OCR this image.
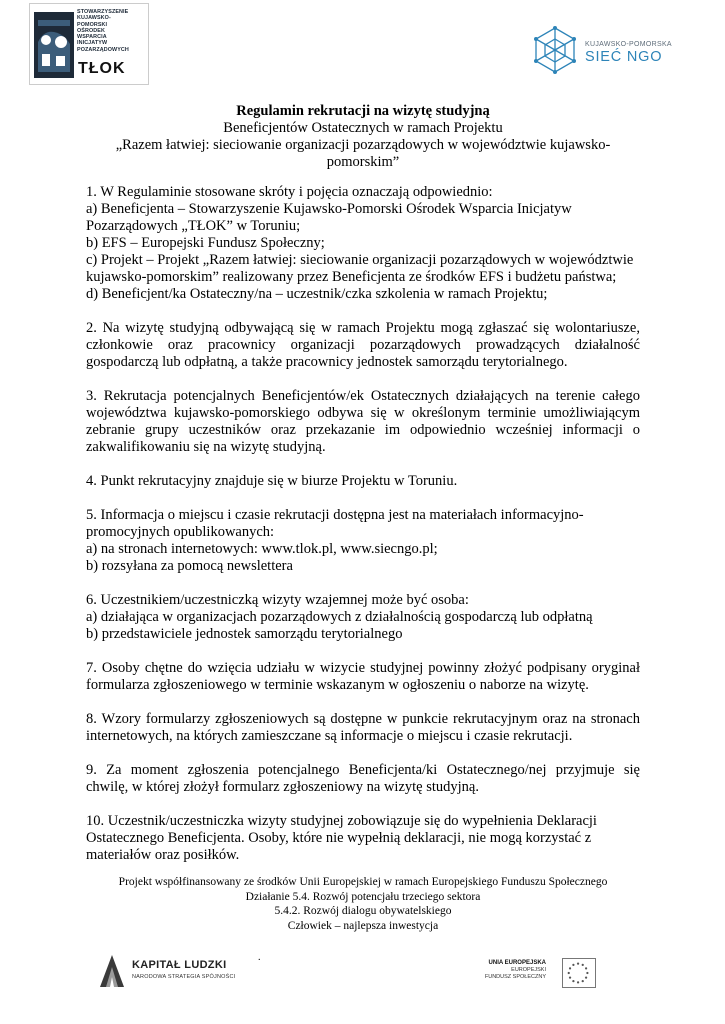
STOWARZYSZENIE
KUJAWSKO-
POMORSKI
OŚRODEK
WSPARCIA
INICJATYW
POZARZĄDOWYCH
TŁOK
KUJAWSKO-POMORSKA
SIEĆ NGO
Regulamin rekrutacji na wizytę studyjną
Beneficjentów Ostatecznych w ramach Projektu
„Razem łatwiej: sieciowanie organizacji pozarządowych w województwie kujawsko-
pomorskim”
1. W Regulaminie stosowane skróty i pojęcia oznaczają odpowiednio:
a) Beneficjenta – Stowarzyszenie Kujawsko-Pomorski Ośrodek Wsparcia Inicjatyw Pozarządowych „TŁOK” w Toruniu;
b) EFS – Europejski Fundusz Społeczny;
c) Projekt – Projekt „Razem łatwiej: sieciowanie organizacji pozarządowych w województwie kujawsko-pomorskim” realizowany przez Beneficjenta ze środków EFS i budżetu państwa;
d) Beneficjent/ka Ostateczny/na – uczestnik/czka szkolenia w ramach Projektu;
2. Na wizytę studyjną odbywającą się w ramach Projektu mogą zgłaszać się wolontariusze, członkowie oraz pracownicy organizacji pozarządowych prowadzących działalność gospodarczą lub odpłatną, a także pracownicy jednostek samorządu terytorialnego.
3. Rekrutacja potencjalnych Beneficjentów/ek Ostatecznych działających na terenie całego województwa kujawsko-pomorskiego odbywa się w określonym terminie umożliwiającym zebranie grupy uczestników oraz przekazanie im odpowiednio wcześniej informacji o zakwalifikowaniu się na wizytę studyjną.
4. Punkt rekrutacyjny znajduje się w biurze Projektu w Toruniu.
5. Informacja o miejscu i czasie rekrutacji dostępna jest na materiałach informacyjno-promocyjnych opublikowanych:
a) na stronach internetowych: www.tlok.pl, www.siecngo.pl;
b) rozsyłana za pomocą newslettera
6. Uczestnikiem/uczestniczką wizyty wzajemnej może być osoba:
a) działająca w organizacjach pozarządowych z działalnością gospodarczą lub odpłatną
b) przedstawiciele jednostek samorządu terytorialnego
7. Osoby chętne do wzięcia udziału w wizycie studyjnej powinny złożyć podpisany oryginał formularza zgłoszeniowego w terminie wskazanym w ogłoszeniu o naborze na wizytę.
8. Wzory formularzy zgłoszeniowych są dostępne w punkcie rekrutacyjnym oraz na stronach internetowych, na których zamieszczane są informacje o miejscu i czasie rekrutacji.
9. Za moment zgłoszenia potencjalnego Beneficjenta/ki Ostatecznego/nej przyjmuje się chwilę, w której złożył formularz zgłoszeniowy na wizytę studyjną.
10. Uczestnik/uczestniczka wizyty studyjnej zobowiązuje się do wypełnienia Deklaracji Ostatecznego Beneficjenta. Osoby, które nie wypełnią deklaracji, nie mogą korzystać z materiałów oraz posiłków.
Projekt współfinansowany ze środków Unii Europejskiej w ramach Europejskiego Funduszu Społecznego
Działanie 5.4. Rozwój potencjału trzeciego sektora
5.4.2. Rozwój dialogu obywatelskiego
Człowiek – najlepsza inwestycja
KAPITAŁ LUDZKI
NARODOWA STRATEGIA SPÓJNOŚCI
.	UNIA EUROPEJSKA
EUROPEJSKI
FUNDUSZ SPOŁECZNY
